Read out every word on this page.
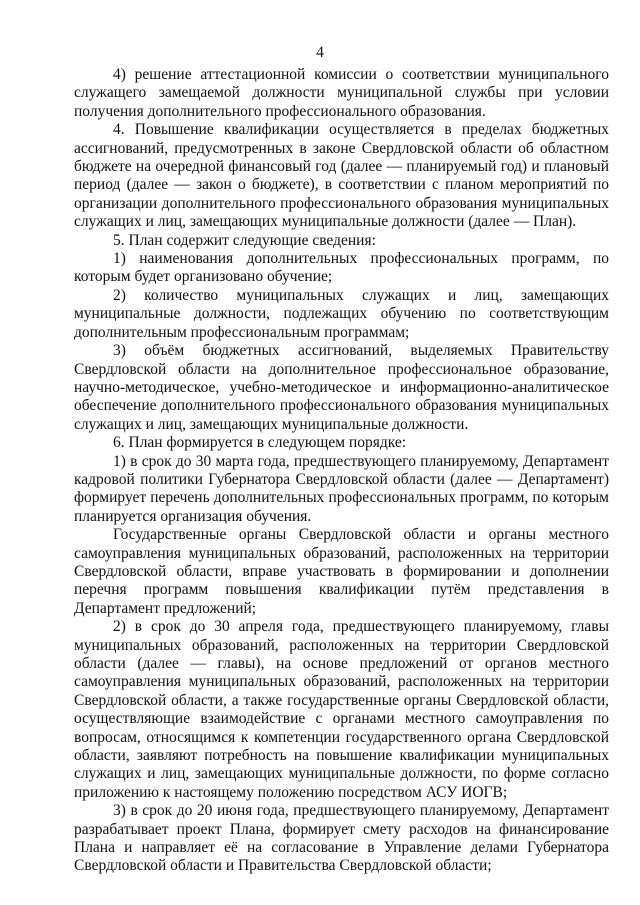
4

4) решение аттестационной комиссии о соответствии муниципального служащего замещаемой должности муниципальной службы при условии получения дополнительного профессионального образования.

4. Повышение квалификации осуществляется в пределах бюджетных ассигнований, предусмотренных в законе Свердловской области об областном бюджете на очередной финансовый год (далее — планируемый год) и плановый период (далее — закон о бюджете), в соответствии с планом мероприятий по организации дополнительного профессионального образования муниципальных служащих и лиц, замещающих муниципальные должности (далее — План).

5. План содержит следующие сведения:

1) наименования дополнительных профессиональных программ, по которым будет организовано обучение;

2) количество муниципальных служащих и лиц, замещающих муниципальные должности, подлежащих обучению по соответствующим дополнительным профессиональным программам;

3) объём бюджетных ассигнований, выделяемых Правительству Свердловской области на дополнительное профессиональное образование, научно-методическое, учебно-методическое и информационно-аналитическое обеспечение дополнительного профессионального образования муниципальных служащих и лиц, замещающих муниципальные должности.

6. План формируется в следующем порядке:

1) в срок до 30 марта года, предшествующего планируемому, Департамент кадровой политики Губернатора Свердловской области (далее — Департамент) формирует перечень дополнительных профессиональных программ, по которым планируется организация обучения.

Государственные органы Свердловской области и органы местного самоуправления муниципальных образований, расположенных на территории Свердловской области, вправе участвовать в формировании и дополнении перечня программ повышения квалификации путём представления в Департамент предложений;

2) в срок до 30 апреля года, предшествующего планируемому, главы муниципальных образований, расположенных на территории Свердловской области (далее — главы), на основе предложений от органов местного самоуправления муниципальных образований, расположенных на территории Свердловской области, а также государственные органы Свердловской области, осуществляющие взаимодействие с органами местного самоуправления по вопросам, относящимся к компетенции государственного органа Свердловской области, заявляют потребность на повышение квалификации муниципальных служащих и лиц, замещающих муниципальные должности, по форме согласно приложению к настоящему положению посредством АСУ ИОГВ;

3) в срок до 20 июня года, предшествующего планируемому, Департамент разрабатывает проект Плана, формирует смету расходов на финансирование Плана и направляет её на согласование в Управление делами Губернатора Свердловской области и Правительства Свердловской области;
